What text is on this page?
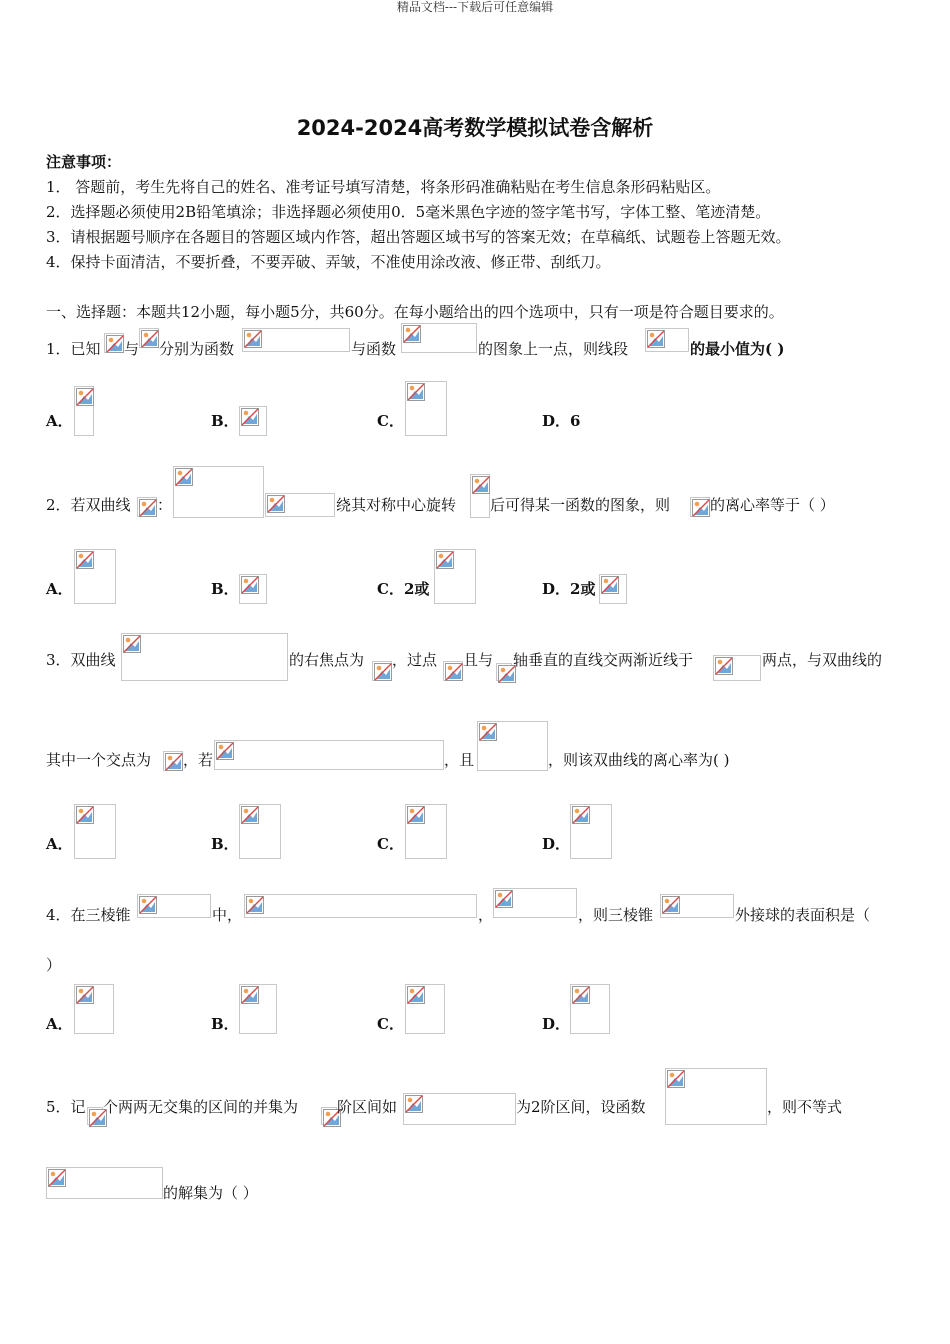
精品文档---下载后可任意编辑
2024-2024高考数学模拟试卷含解析
注意事项：
1． 答题前，考生先将自己的姓名、准考证号填写清楚，将条形码准确粘贴在考生信息条形码粘贴区。
2．选择题必须使用2B铅笔填涂；非选择题必须使用0．5毫米黑色字迹的签字笔书写，字体工整、笔迹清楚。
3．请根据题号顺序在各题目的答题区域内作答，超出答题区域书写的答案无效；在草稿纸、试题卷上答题无效。
4．保持卡面清洁，不要折叠，不要弄破、弄皱，不准使用涂改液、修正带、刮纸刀。
一、选择题：本题共12小题，每小题5分，共60分。在每小题给出的四个选项中，只有一项是符合题目要求的。
1．已知 与 分别为函数	与函数	的图象上一点，则线段	的最小值为( )
A．	B．	C．	D．6
2．若双曲线 ：	绕其对称中心旋转 后可得某一函数的图象，则	的离心率等于（ ）
A．	B．	C．2或	D．2或
3．双曲线	的右焦点为 ，过点 且与 轴垂直的直线交两渐近线于	两点，与双曲线的
其中一个交点为 ，若	，且	，则该双曲线的离心率为( )
A．	B．	C．	D．
4．在三棱锥	中，	，	，则三棱锥	外接球的表面积是（
）
A．	B．	C．	D．
5．记 个两两无交集的区间的并集为	阶区间如	为2阶区间，设函数	，则不等式
的解集为（ ）
